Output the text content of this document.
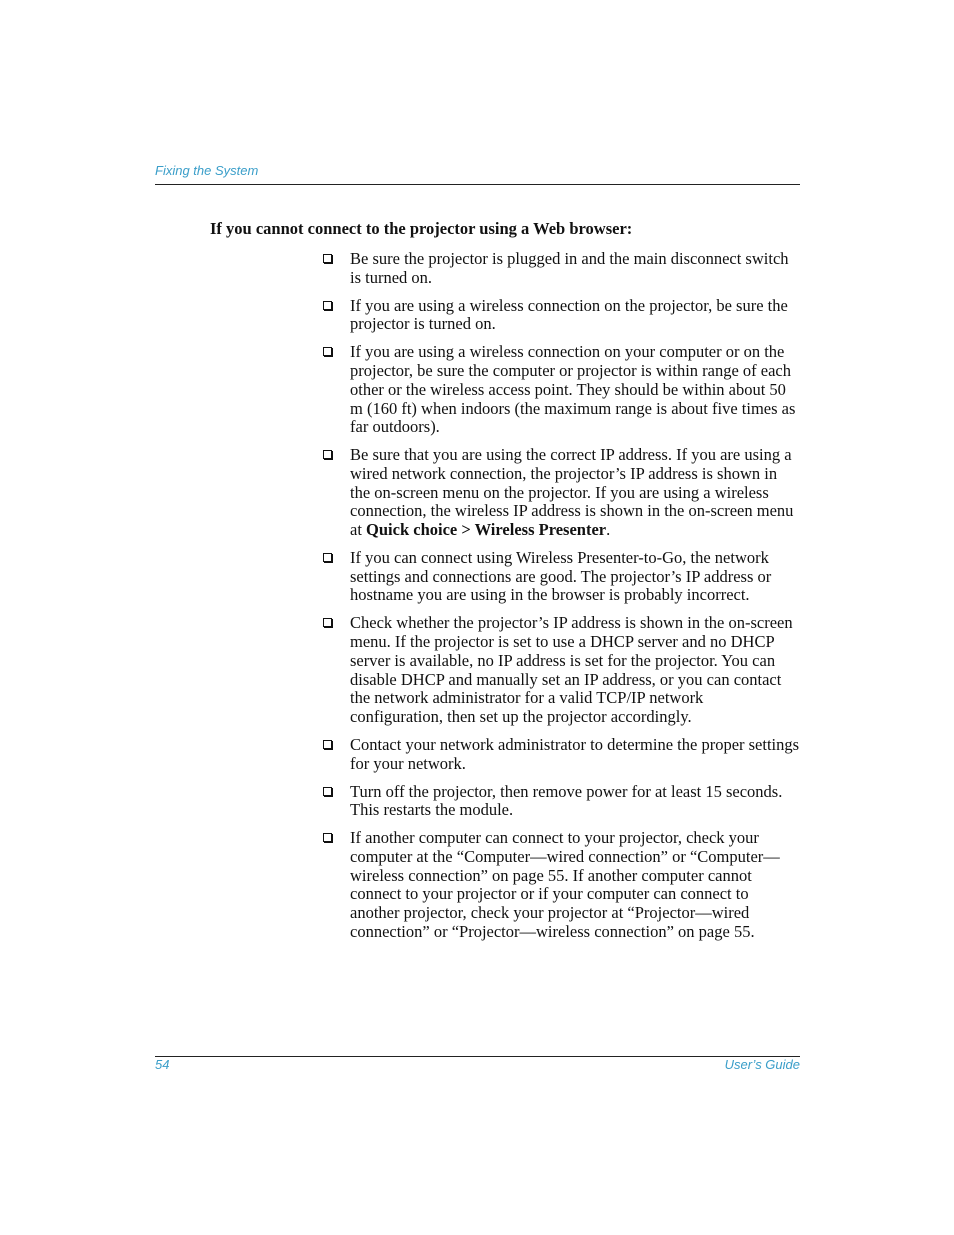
Fixing the System

If you cannot connect to the projector using a Web browser:
Be sure the projector is plugged in and the main disconnect switch is turned on.
If you are using a wireless connection on the projector, be sure the projector is turned on.
If you are using a wireless connection on your computer or on the projector, be sure the computer or projector is within range of each other or the wireless access point. They should be within about 50 m (160 ft) when indoors (the maximum range is about five times as far outdoors).
Be sure that you are using the correct IP address. If you are using a wired network connection, the projector’s IP address is shown in the on-screen menu on the projector. If you are using a wireless connection, the wireless IP address is shown in the on-screen menu at Quick choice > Wireless Presenter.
If you can connect using Wireless Presenter-to-Go, the network settings and connections are good. The projector’s IP address or hostname you are using in the browser is probably incorrect.
Check whether the projector’s IP address is shown in the on-screen menu. If the projector is set to use a DHCP server and no DHCP server is available, no IP address is set for the projector. You can disable DHCP and manually set an IP address, or you can contact the network administrator for a valid TCP/IP network configuration, then set up the projector accordingly.
Contact your network administrator to determine the proper settings for your network.
Turn off the projector, then remove power for at least 15 seconds. This restarts the module.
If another computer can connect to your projector, check your computer at the “Computer—wired connection” or “Computer—wireless connection” on page 55. If another computer cannot connect to your projector or if your computer can connect to another projector, check your projector at “Projector—wired connection” or “Projector—wireless connection” on page 55.
54	User’s Guide
